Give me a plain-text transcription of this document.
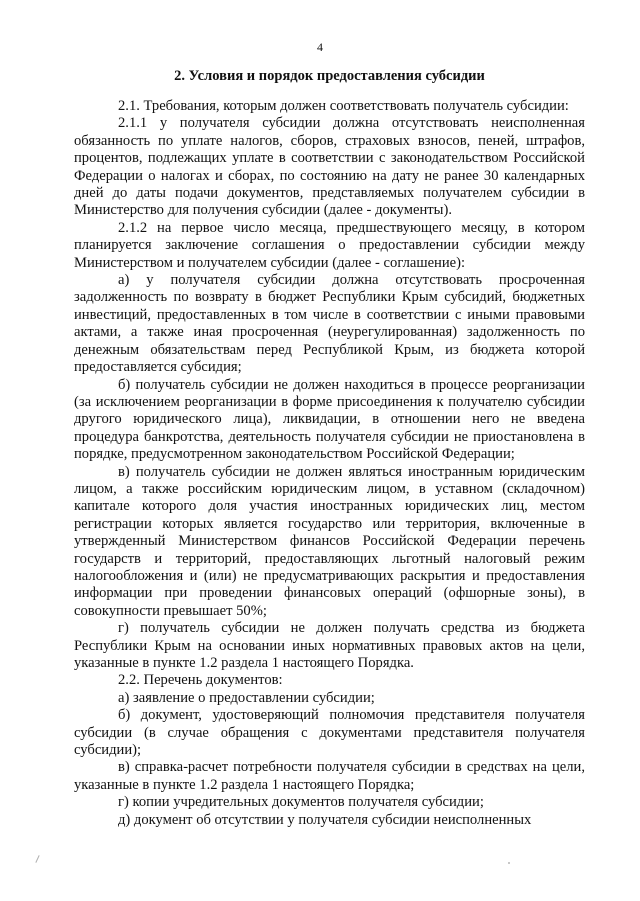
4
2. Условия и порядок предоставления субсидии

2.1. Требования, которым должен соответствовать получатель субсидии:

2.1.1 у получателя субсидии должна отсутствовать неисполненная обязанность по уплате налогов, сборов, страховых взносов, пеней, штрафов, процентов, подлежащих уплате в соответствии с законодательством Российской Федерации о налогах и сборах, по состоянию на дату не ранее 30 календарных дней до даты подачи документов, представляемых получателем субсидии в Министерство для получения субсидии (далее - документы).

2.1.2 на первое число месяца, предшествующего месяцу, в котором планируется заключение соглашения о предоставлении субсидии между Министерством и получателем субсидии (далее - соглашение):

а) у получателя субсидии должна отсутствовать просроченная задолженность по возврату в бюджет Республики Крым субсидий, бюджетных инвестиций, предоставленных в том числе в соответствии с иными правовыми актами, а также иная просроченная (неурегулированная) задолженность по денежным обязательствам перед Республикой Крым, из бюджета которой предоставляется субсидия;

б) получатель субсидии не должен находиться в процессе реорганизации (за исключением реорганизации в форме присоединения к получателю субсидии другого юридического лица), ликвидации, в отношении него не введена процедура банкротства, деятельность получателя субсидии не приостановлена в порядке, предусмотренном законодательством Российской Федерации;

в) получатель субсидии не должен являться иностранным юридическим лицом, а также российским юридическим лицом, в уставном (складочном) капитале которого доля участия иностранных юридических лиц, местом регистрации которых является государство или территория, включенные в утвержденный Министерством финансов Российской Федерации перечень государств и территорий, предоставляющих льготный налоговый режим налогообложения и (или) не предусматривающих раскрытия и предоставления информации при проведении финансовых операций (офшорные зоны), в совокупности превышает 50%;

г) получатель субсидии не должен получать средства из бюджета Республики Крым на основании иных нормативных правовых актов на цели, указанные в пункте 1.2 раздела 1 настоящего Порядка.

2.2. Перечень документов:

а) заявление о предоставлении субсидии;

б) документ, удостоверяющий полномочия представителя получателя субсидии (в случае обращения с документами представителя получателя субсидии);

в) справка-расчет потребности получателя субсидии в средствах на цели, указанные в пункте 1.2 раздела 1 настоящего Порядка;

г) копии учредительных документов получателя субсидии;

д) документ об отсутствии у получателя субсидии неисполненных
